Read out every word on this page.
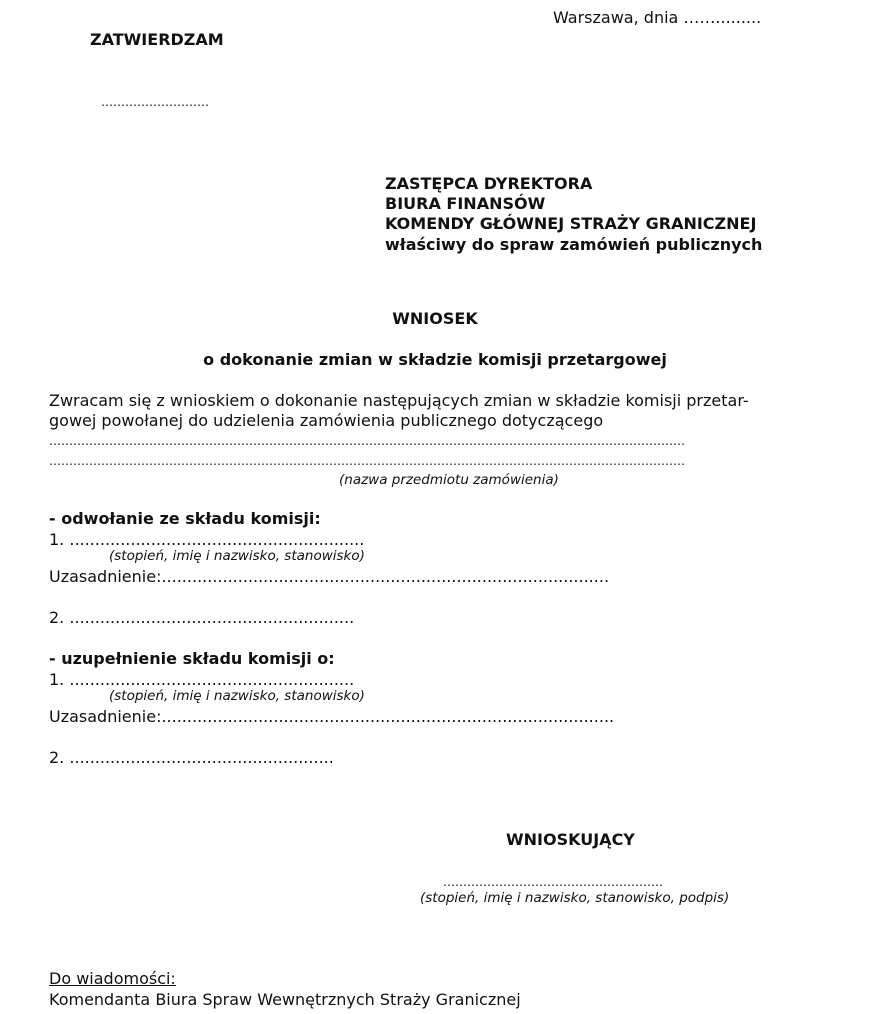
Warszawa, dnia …….........
ZATWIERDZAM
………………………
ZASTĘPCA DYREKTORA
BIURA FINANSÓW
KOMENDY GŁÓWNEJ STRAŻY GRANICZNEJ
właściwy do spraw zamówień publicznych
WNIOSEK
o dokonanie zmian w składzie komisji przetargowej
Zwracam się z wnioskiem o dokonanie następujących zmian w składzie komisji przetar-
gowej powołanej do udzielenia zamówienia publicznego dotyczącego
……………………………………………………………………………………………………………………………………………
……………………………………………………………………………………………………………………………………………
(nazwa przedmiotu zamówienia)
- odwołanie ze składu komisji:
1. ..........................................................
(stopień, imię i nazwisko, stanowisko)
Uzasadnienie:........................................................................................
2. ........................................................
- uzupełnienie składu komisji o:
1. ........................................................
(stopień, imię i nazwisko, stanowisko)
Uzasadnienie:.........................................................................................
2. ....................................................
WNIOSKUJĄCY
……………………………………………….
(stopień, imię i nazwisko, stanowisko, podpis)
Do wiadomości:
Komendanta Biura Spraw Wewnętrznych Straży Granicznej
